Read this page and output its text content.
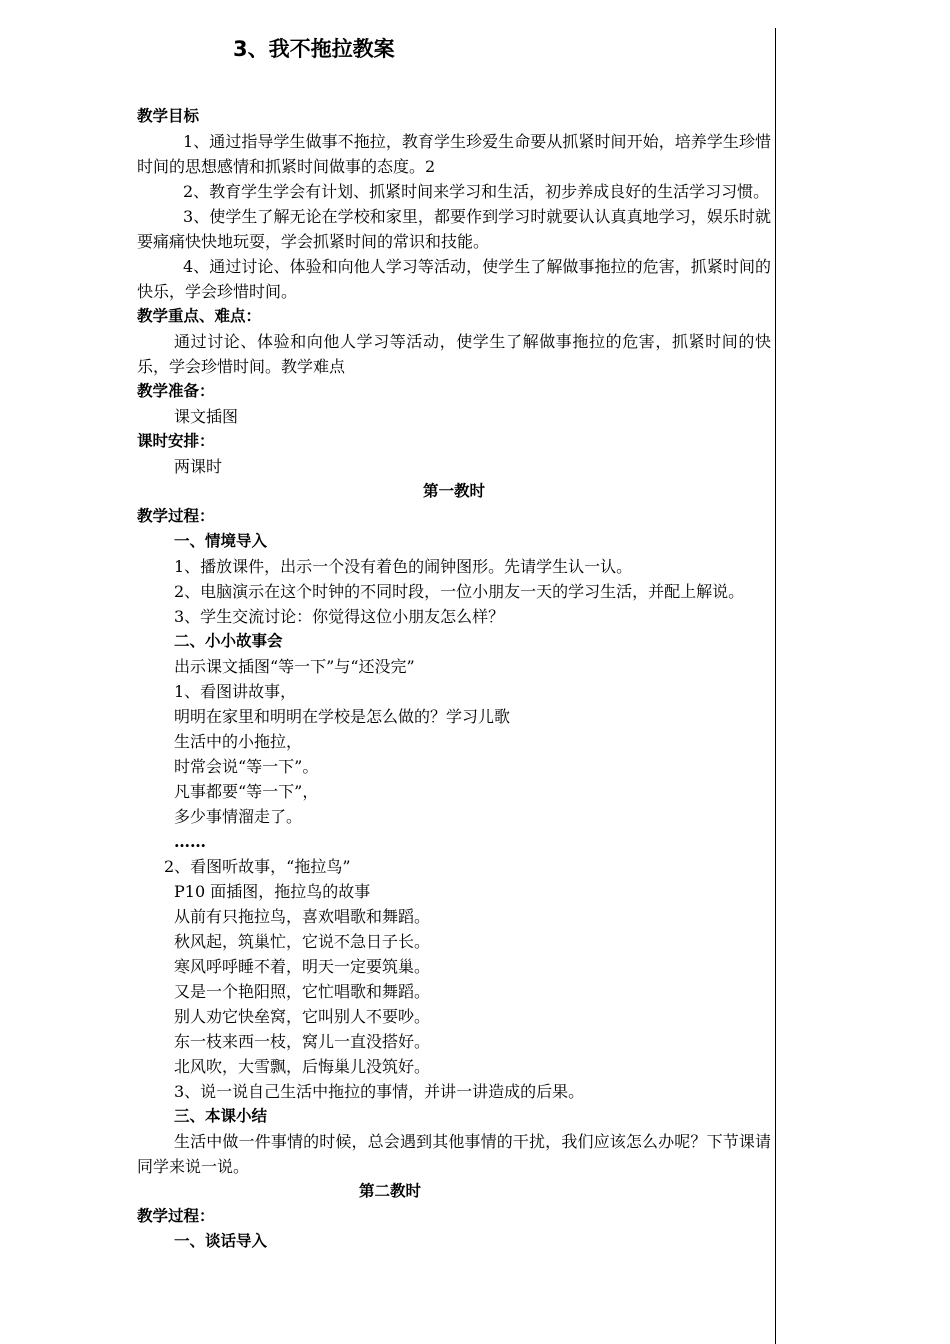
3、我不拖拉教案
教学目标
1、通过指导学生做事不拖拉，教育学生珍爱生命要从抓紧时间开始，培养学生珍惜时间的思想感情和抓紧时间做事的态度。2
2、教育学生学会有计划、抓紧时间来学习和生活，初步养成良好的生活学习习惯。
3、使学生了解无论在学校和家里，都要作到学习时就要认认真真地学习，娱乐时就要痛痛快快地玩耍，学会抓紧时间的常识和技能。
4、通过讨论、体验和向他人学习等活动，使学生了解做事拖拉的危害，抓紧时间的快乐，学会珍惜时间。
教学重点、难点：
通过讨论、体验和向他人学习等活动，使学生了解做事拖拉的危害，抓紧时间的快乐，学会珍惜时间。教学难点
教学准备：
课文插图
课时安排：
两课时
第一教时
教学过程：
一、情境导入
1、播放课件，出示一个没有着色的闹钟图形。先请学生认一认。
2、电脑演示在这个时钟的不同时段，一位小朋友一天的学习生活，并配上解说。
3、学生交流讨论：你觉得这位小朋友怎么样？
二、小小故事会
出示课文插图“等一下”与“还没完”
1、看图讲故事，
明明在家里和明明在学校是怎么做的？学习儿歌
生活中的小拖拉，
时常会说“等一下”。
凡事都要“等一下”，
多少事情溜走了。
……
2、看图听故事，“拖拉鸟”
P10 面插图，拖拉鸟的故事
从前有只拖拉鸟，喜欢唱歌和舞蹈。
秋风起，筑巢忙，它说不急日子长。
寒风呼呼睡不着，明天一定要筑巢。
又是一个艳阳照，它忙唱歌和舞蹈。
别人劝它快垒窝，它叫别人不要吵。
东一枝来西一枝，窝儿一直没搭好。
北风吹，大雪飘，后悔巢儿没筑好。
3、说一说自己生活中拖拉的事情，并讲一讲造成的后果。
三、本课小结
生活中做一件事情的时候，总会遇到其他事情的干扰，我们应该怎么办呢？下节课请同学来说一说。
第二教时
教学过程：
一、谈话导入
